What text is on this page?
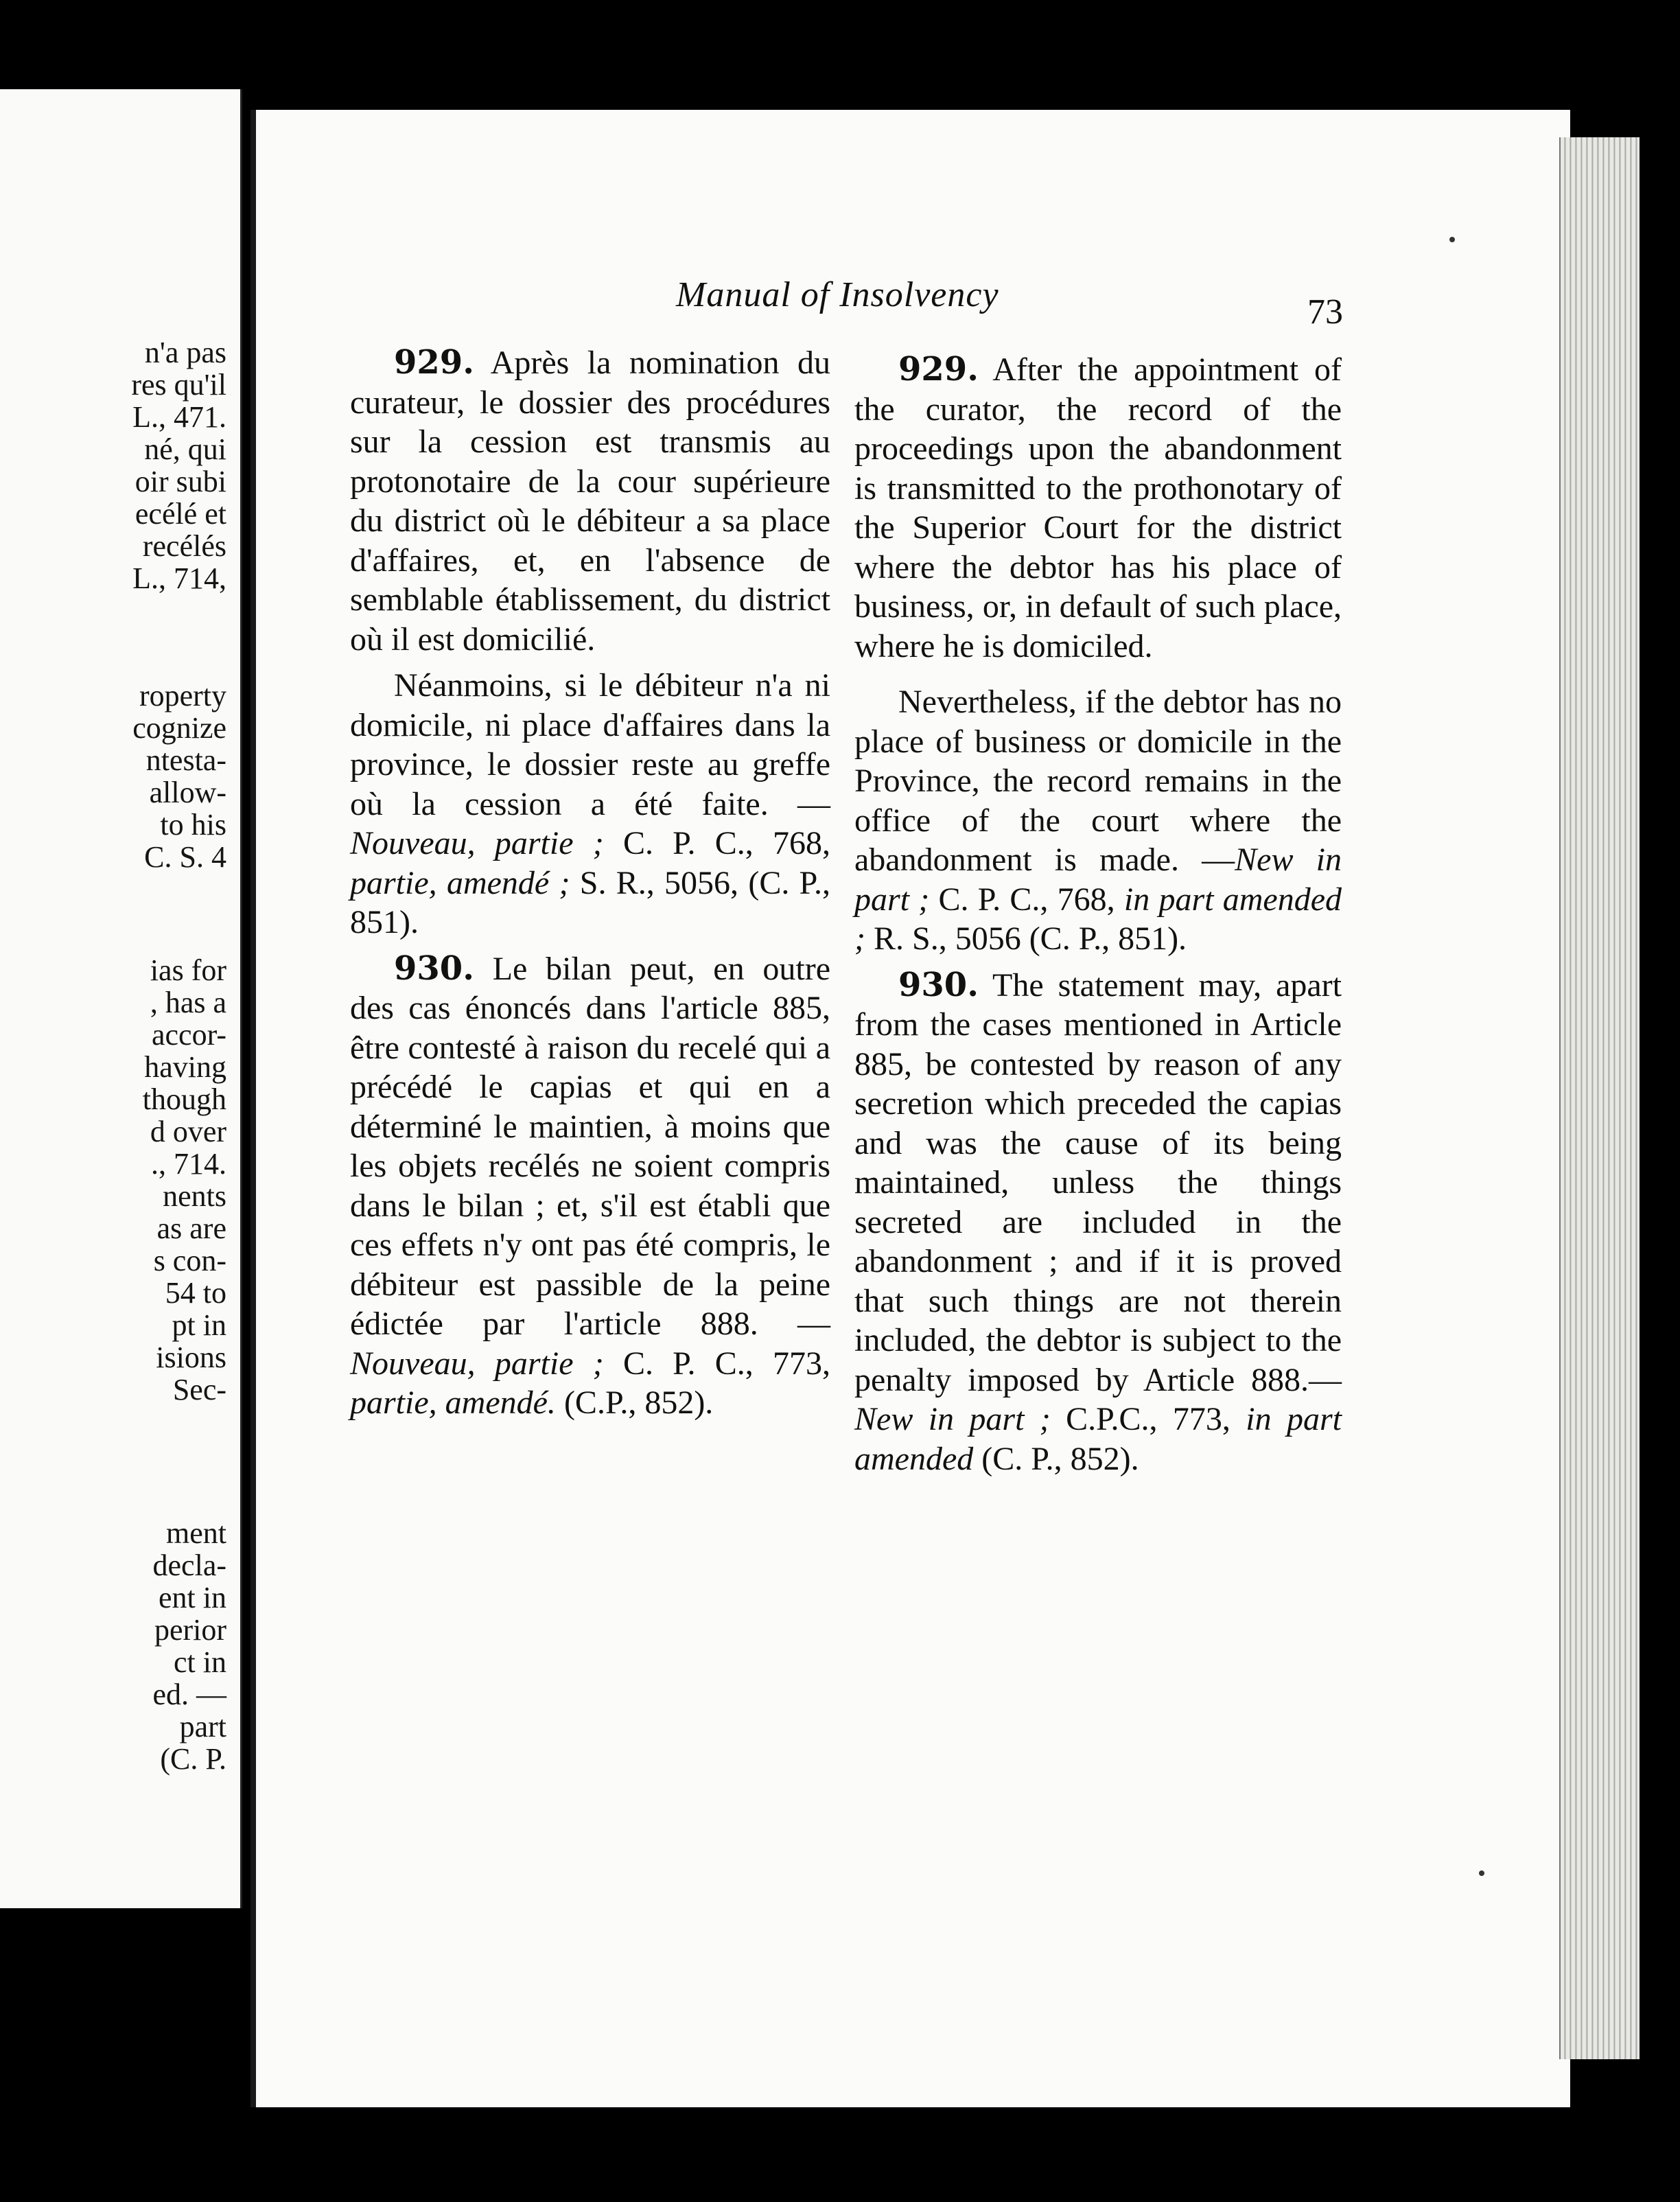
n'a pas
res qu'il
L., 471.
né, qui
oir subi
ecélé et
recélés
L., 714,
roperty
cognize
ntesta-
allow-
to his
C. S. 4
ias for
, has a
accor-
having
though
d over
., 714.
nents
as are
s con-
54 to
pt in
isions
Sec-
ment
decla-
ent in
perior
ct in
ed. —
part
(C. P.
Manual of Insolvency	73

929. Après la nomination du curateur, le dossier des procédures sur la cession est transmis au protonotaire de la cour supérieure du district où le débiteur a sa place d'affaires, et, en l'absence de semblable établissement, du district où il est domicilié.

Néanmoins, si le débiteur n'a ni domicile, ni place d'affaires dans la province, le dossier reste au greffe où la cession a été faite. — Nouveau, partie ; C. P. C., 768, partie, amendé ; S. R., 5056, (C. P., 851).

930. Le bilan peut, en outre des cas énoncés dans l'article 885, être contesté à raison du recelé qui a précédé le capias et qui en a déterminé le maintien, à moins que les objets recélés ne soient compris dans le bilan ; et, s'il est établi que ces effets n'y ont pas été compris, le débiteur est passible de la peine édictée par l'article 888. — Nouveau, partie ; C. P. C., 773, partie, amendé. (C.P., 852).

929. After the appointment of the curator, the record of the proceedings upon the abandonment is transmitted to the prothonotary of the Superior Court for the district where the debtor has his place of business, or, in default of such place, where he is domiciled.

Nevertheless, if the debtor has no place of business or domicile in the Province, the record remains in the office of the court where the abandonment is made. —New in part ; C. P. C., 768, in part amended ; R. S., 5056 (C. P., 851).

930. The statement may, apart from the cases mentioned in Article 885, be contested by reason of any secretion which preceded the capias and was the cause of its being maintained, unless the things secreted are included in the abandonment ; and if it is proved that such things are not therein included, the debtor is subject to the penalty imposed by Article 888.—New in part ; C.P.C., 773, in part amended (C. P., 852).
